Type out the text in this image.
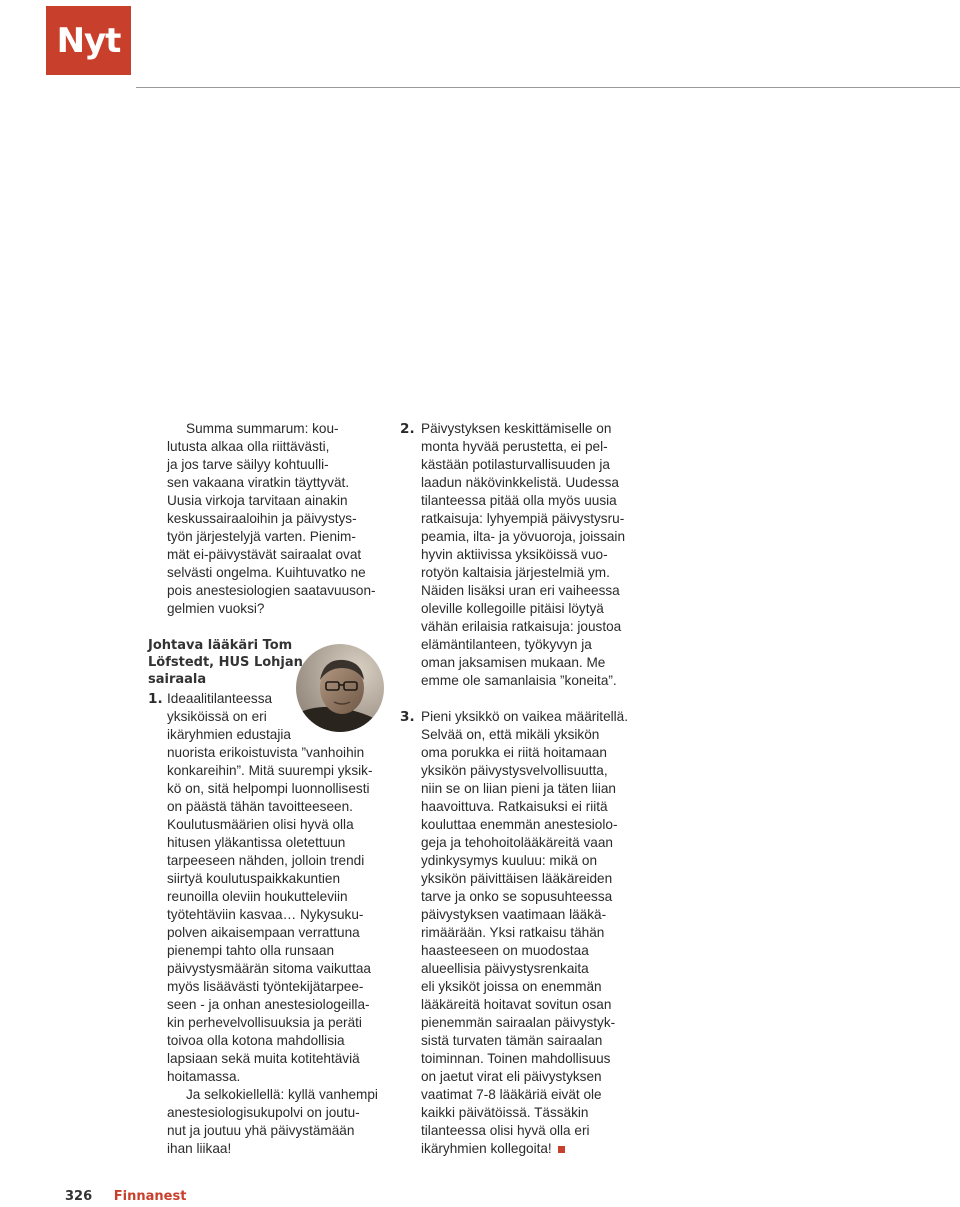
Nyt

Summa summarum: kou-
lutusta alkaa olla riittävästi,
ja jos tarve säilyy kohtuulli-
sen vakaana viratkin täyttyvät.
Uusia virkoja tarvitaan ainakin
keskussairaaloihin ja päivystys-
työn järjestelyjä varten. Pienim-
mät ei-päivystävät sairaalat ovat
selvästi ongelma. Kuihtuvatko ne
pois anestesiologien saatavuuson-
gelmien vuoksi?

Johtava lääkäri Tom
Löfstedt, HUS Lohjan
sairaala

1. Ideaalitilanteessa
yksiköissä on eri
ikäryhmien edustajia
nuorista erikoistuvista ”vanhoihin
konkareihin”. Mitä suurempi yksik-
kö on, sitä helpompi luonnollisesti
on päästä tähän tavoitteeseen.
Koulutusmäärien olisi hyvä olla
hitusen yläkantissa oletettuun
tarpeeseen nähden, jolloin trendi
siirtyä koulutuspaikkakuntien
reunoilla oleviin houkutteleviin
työtehtäviin kasvaa… Nykysuku-
polven aikaisempaan verrattuna
pienempi tahto olla runsaan
päivystysmäärän sitoma vaikuttaa
myös lisäävästi työntekijätarpee-
seen - ja onhan anestesiologeilla-
kin perhevelvollisuuksia ja peräti
toivoa olla kotona mahdollisia
lapsiaan sekä muita kotitehtäviä
hoitamassa.

Ja selkokiellellä: kyllä vanhempi
anestesiologisukupolvi on joutu-
nut ja joutuu yhä päivystämään
ihan liikaa!

2. Päivystyksen keskittämiselle on
monta hyvää perustetta, ei pel-
kästään potilasturvallisuuden ja
laadun näkövinkkelistä. Uudessa
tilanteessa pitää olla myös uusia
ratkaisuja: lyhyempiä päivystysru-
peamia, ilta- ja yövuoroja, joissain
hyvin aktiivissa yksiköissä vuo-
rotyön kaltaisia järjestelmiä ym.
Näiden lisäksi uran eri vaiheessa
oleville kollegoille pitäisi löytyä
vähän erilaisia ratkaisuja: joustoa
elämäntilanteen, työkyvyn ja
oman jaksamisen mukaan. Me
emme ole samanlaisia ”koneita”.

3. Pieni yksikkö on vaikea määritellä.
Selvää on, että mikäli yksikön
oma porukka ei riitä hoitamaan
yksikön päivystysvelvollisuutta,
niin se on liian pieni ja täten liian
haavoittuva. Ratkaisuksi ei riitä
kouluttaa enemmän anestesiolo-
geja ja tehohoitolääkäreitä vaan
ydinkysymys kuuluu: mikä on
yksikön päivittäisen lääkäreiden
tarve ja onko se sopusuhteessa
päivystyksen vaatimaan lääkä-
rimäärään. Yksi ratkaisu tähän
haasteeseen on muodostaa
alueellisia päivystysrenkaita
eli yksiköt joissa on enemmän
lääkäreitä hoitavat sovitun osan
pienemmän sairaalan päivystyk-
sistä turvaten tämän sairaalan
toiminnan. Toinen mahdollisuus
on jaetut virat eli päivystyksen
vaatimat 7-8 lääkäriä eivät ole
kaikki päivätöissä. Tässäkin
tilanteessa olisi hyvä olla eri
ikäryhmien kollegoita!

326 Finnanest
